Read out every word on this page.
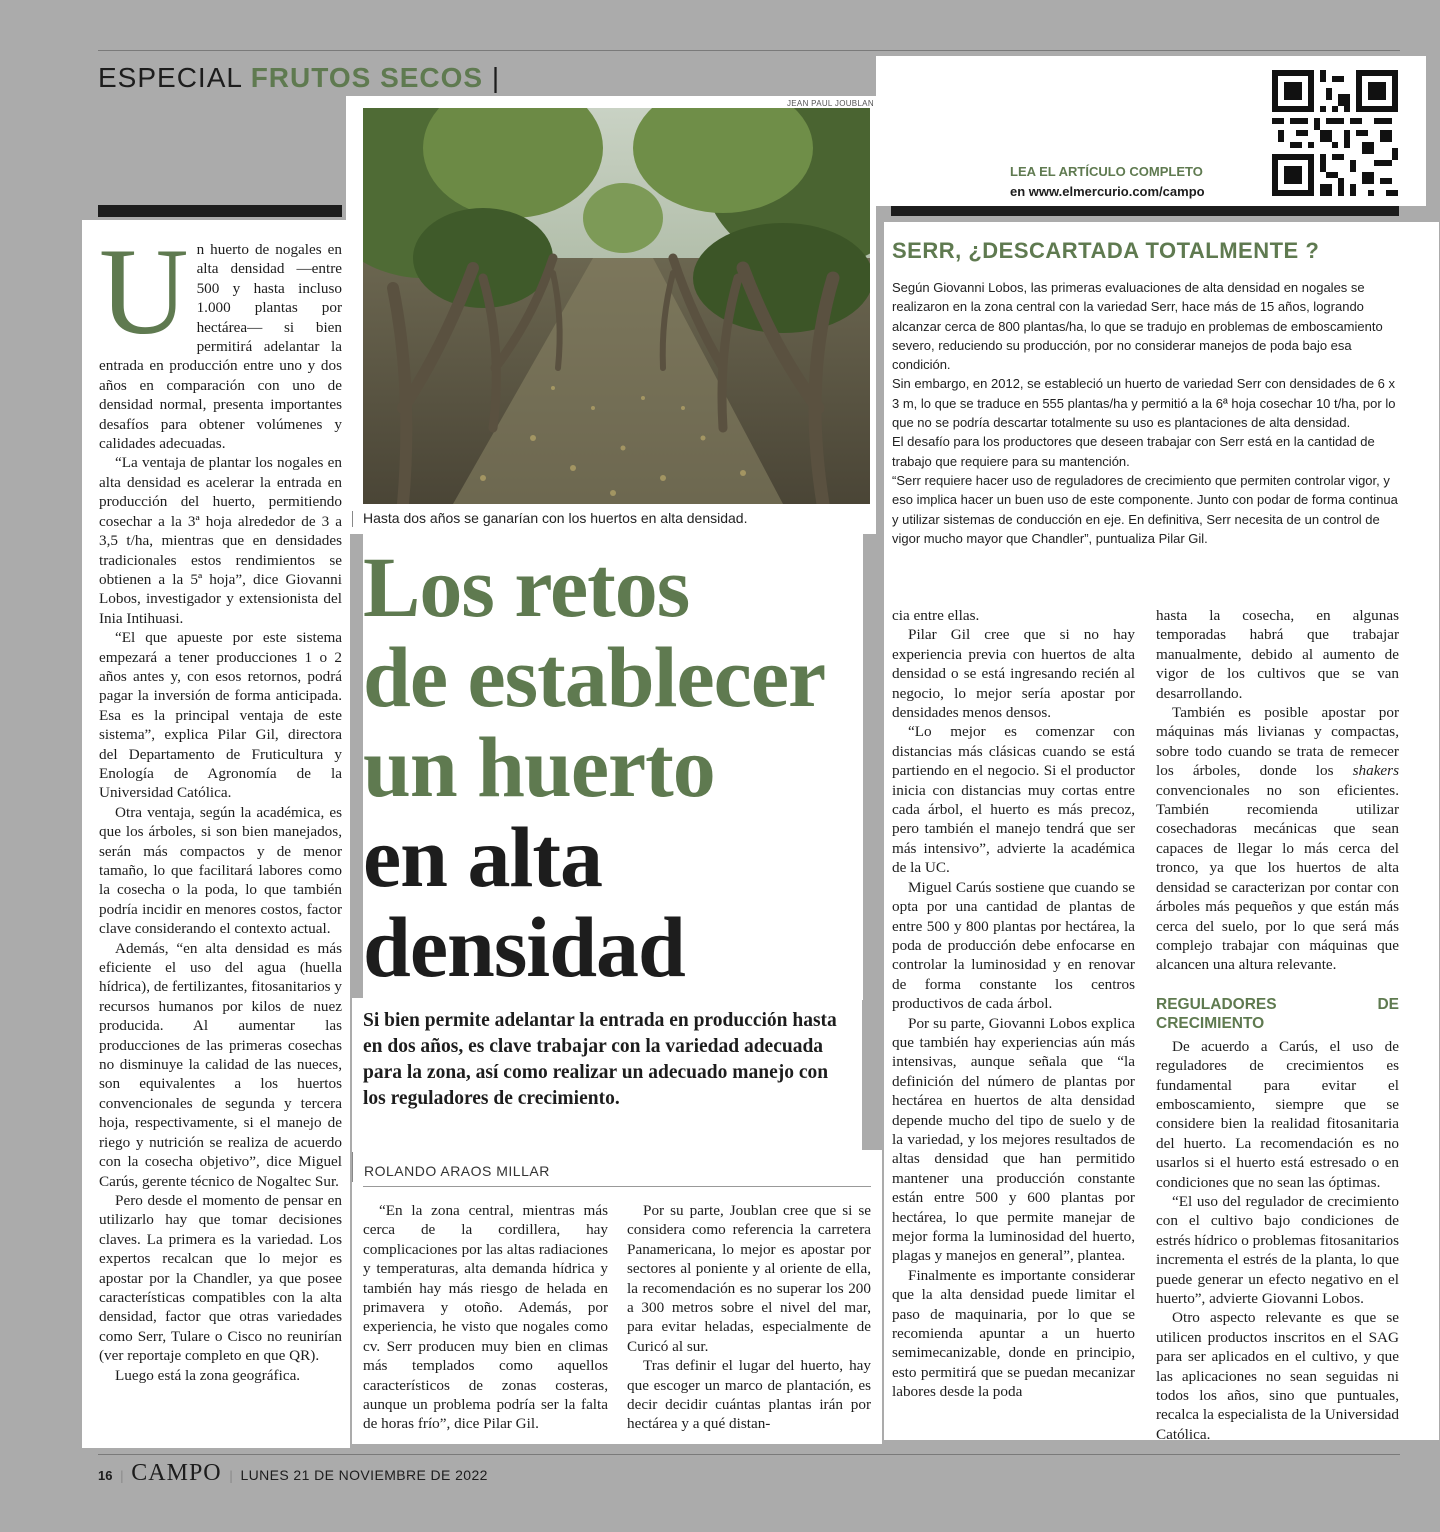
ESPECIAL FRUTOS SECOS |

Un huerto de nogales en alta densidad —entre 500 y hasta incluso 1.000 plantas por hectárea— si bien permitirá adelantar la entrada en producción entre uno y dos años en comparación con uno de densidad normal, presenta importantes desafíos para obtener volúmenes y calidades adecuadas.

“La ventaja de plantar los nogales en alta densidad es acelerar la entrada en producción del huerto, permitiendo cosechar a la 3ª hoja alrededor de 3 a 3,5 t/ha, mientras que en densidades tradicionales estos rendimientos se obtienen a la 5ª hoja”, dice Giovanni Lobos, investigador y extensionista del Inia Intihuasi.

“El que apueste por este sistema empezará a tener producciones 1 o 2 años antes y, con esos retornos, podrá pagar la inversión de forma anticipada. Esa es la principal ventaja de este sistema”, explica Pilar Gil, directora del Departamento de Fruticultura y Enología de Agronomía de la Universidad Católica.

Otra ventaja, según la académica, es que los árboles, si son bien manejados, serán más compactos y de menor tamaño, lo que facilitará labores como la cosecha o la poda, lo que también podría incidir en menores costos, factor clave considerando el contexto actual.

Además, “en alta densidad es más eficiente el uso del agua (huella hídrica), de fertilizantes, fitosanitarios y recursos humanos por kilos de nuez producida. Al aumentar las producciones de las primeras cosechas no disminuye la calidad de las nueces, son equivalentes a los huertos convencionales de segunda y tercera hoja, respectivamente, si el manejo de riego y nutrición se realiza de acuerdo con la cosecha objetivo”, dice Miguel Carús, gerente técnico de Nogaltec Sur.

Pero desde el momento de pensar en utilizarlo hay que tomar decisiones claves. La primera es la variedad. Los expertos recalcan que lo mejor es apostar por la Chandler, ya que posee características compatibles con la alta densidad, factor que otras variedades como Serr, Tulare o Cisco no reunirían (ver reportaje completo en que QR).

Luego está la zona geográfica.

JEAN PAUL JOUBLAN
Hasta dos años se ganarían con los huertos en alta densidad.
Los retos
de establecer
un huerto
en alta
densidad
Si bien permite adelantar la entrada en producción hasta en dos años, es clave trabajar con la variedad adecuada para la zona, así como realizar un adecuado manejo con los reguladores de crecimiento.
ROLANDO ARAOS MILLAR

“En la zona central, mientras más cerca de la cordillera, hay complicaciones por las altas radiaciones y temperaturas, alta demanda hídrica y también hay más riesgo de helada en primavera y otoño. Además, por experiencia, he visto que nogales como cv. Serr producen muy bien en climas más templados como aquellos característicos de zonas costeras, aunque un problema podría ser la falta de horas frío”, dice Pilar Gil.

Por su parte, Joublan cree que si se considera como referencia la carretera Panamericana, lo mejor es apostar por sectores al poniente y al oriente de ella, la recomendación es no superar los 200 a 300 metros sobre el nivel del mar, para evitar heladas, especialmente de Curicó al sur.

Tras definir el lugar del huerto, hay que escoger un marco de plantación, es decir decidir cuántas plantas irán por hectárea y a qué distan-

LEA EL ARTÍCULO COMPLETO
en www.elmercurio.com/campo
SERR, ¿DESCARTADA TOTALMENTE ?

Según Giovanni Lobos, las primeras evaluaciones de alta densidad en nogales se realizaron en la zona central con la variedad Serr, hace más de 15 años, logrando alcanzar cerca de 800 plantas/ha, lo que se tradujo en problemas de emboscamiento severo, reduciendo su producción, por no considerar manejos de poda bajo esa condición.

Sin embargo, en 2012, se estableció un huerto de variedad Serr con densidades de 6 x 3 m, lo que se traduce en 555 plantas/ha y permitió a la 6ª hoja cosechar 10 t/ha, por lo que no se podría descartar totalmente su uso es plantaciones de alta densidad.

El desafío para los productores que deseen trabajar con Serr está en la cantidad de trabajo que requiere para su mantención.

“Serr requiere hacer uso de reguladores de crecimiento que permiten controlar vigor, y eso implica hacer un buen uso de este componente. Junto con podar de forma continua y utilizar sistemas de conducción en eje. En definitiva, Serr necesita de un control de vigor mucho mayor que Chandler”, puntualiza Pilar Gil.

cia entre ellas.

Pilar Gil cree que si no hay experiencia previa con huertos de alta densidad o se está ingresando recién al negocio, lo mejor sería apostar por densidades menos densos.

“Lo mejor es comenzar con distancias más clásicas cuando se está partiendo en el negocio. Si el productor inicia con distancias muy cortas entre cada árbol, el huerto es más precoz, pero también el manejo tendrá que ser más intensivo”, advierte la académica de la UC.

Miguel Carús sostiene que cuando se opta por una cantidad de plantas de entre 500 y 800 plantas por hectárea, la poda de producción debe enfocarse en controlar la luminosidad y en renovar de forma constante los centros productivos de cada árbol.

Por su parte, Giovanni Lobos explica que también hay experiencias aún más intensivas, aunque señala que “la definición del número de plantas por hectárea en huertos de alta densidad depende mucho del tipo de suelo y de la variedad, y los mejores resultados de altas densidad que han permitido mantener una producción constante están entre 500 y 600 plantas por hectárea, lo que permite manejar de mejor forma la luminosidad del huerto, plagas y manejos en general”, plantea.

Finalmente es importante considerar que la alta densidad puede limitar el paso de maquinaria, por lo que se recomienda apuntar a un huerto semimecanizable, donde en principio, esto permitirá que se puedan mecanizar labores desde la poda

hasta la cosecha, en algunas temporadas habrá que trabajar manualmente, debido al aumento de vigor de los cultivos que se van desarrollando.

También es posible apostar por máquinas más livianas y compactas, sobre todo cuando se trata de remecer los árboles, donde los shakers convencionales no son eficientes. También recomienda utilizar cosechadoras mecánicas que sean capaces de llegar lo más cerca del tronco, ya que los huertos de alta densidad se caracterizan por contar con árboles más pequeños y que están más cerca del suelo, por lo que será más complejo trabajar con máquinas que alcancen una altura relevante.

REGULADORES DE CRECIMIENTO

De acuerdo a Carús, el uso de reguladores de crecimientos es fundamental para evitar el emboscamiento, siempre que se considere bien la realidad fitosanitaria del huerto. La recomendación es no usarlos si el huerto está estresado o en condiciones que no sean las óptimas.

“El uso del regulador de crecimiento con el cultivo bajo condiciones de estrés hídrico o problemas fitosanitarios incrementa el estrés de la planta, lo que puede generar un efecto negativo en el huerto”, advierte Giovanni Lobos.

Otro aspecto relevante es que se utilicen productos inscritos en el SAG para ser aplicados en el cultivo, y que las aplicaciones no sean seguidas ni todos los años, sino que puntuales, recalca la especialista de la Universidad Católica.

16 | CAMPO | LUNES 21 DE NOVIEMBRE DE 2022
